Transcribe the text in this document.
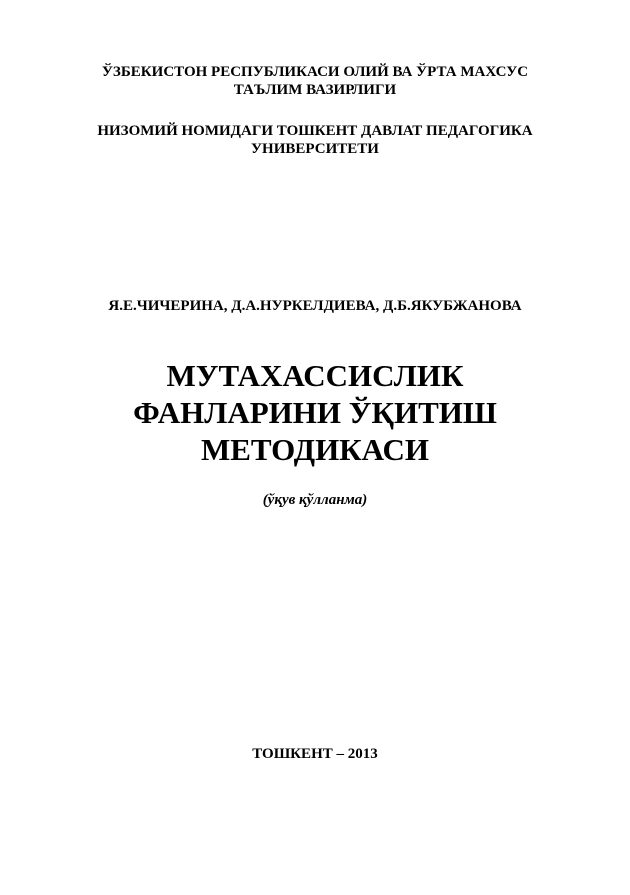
ЎЗБЕКИСТОН РЕСПУБЛИКАСИ ОЛИЙ ВА ЎРТА МАХСУС
ТАЪЛИМ ВАЗИРЛИГИ
НИЗОМИЙ НОМИДАГИ ТОШКЕНТ ДАВЛАТ ПЕДАГОГИКА
УНИВЕРСИТЕТИ
Я.Е.ЧИЧЕРИНА, Д.А.НУРКЕЛДИЕВА, Д.Б.ЯКУБЖАНОВА
МУТАХАССИСЛИК
ФАНЛАРИНИ ЎҚИТИШ
МЕТОДИКАСИ
(ўқув қўлланма)
ТОШКЕНТ – 2013
